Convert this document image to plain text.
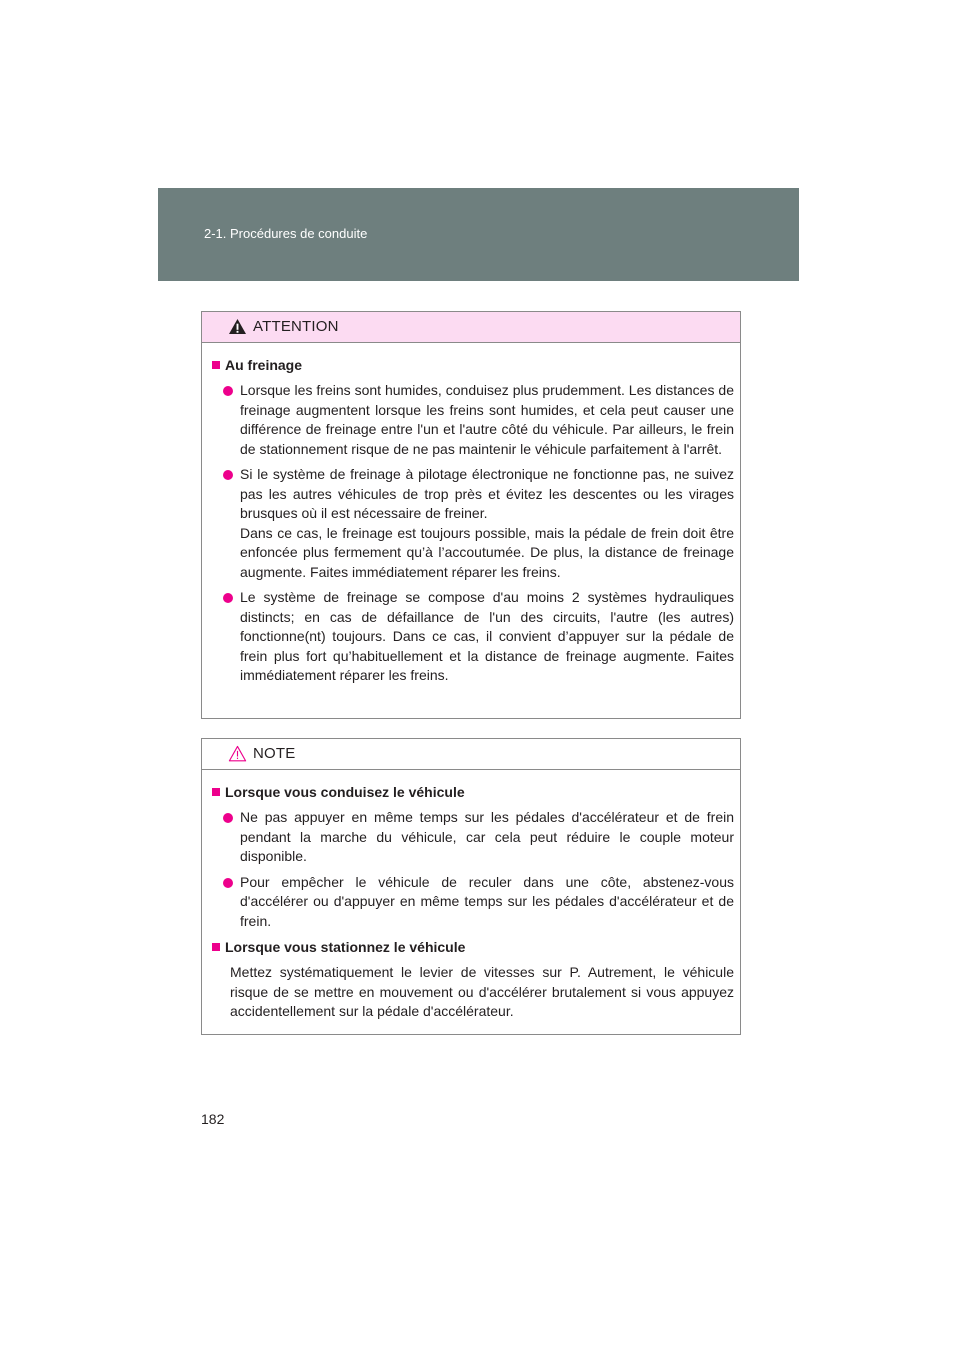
2-1. Procédures de conduite
ATTENTION
Au freinage
Lorsque les freins sont humides, conduisez plus prudemment. Les distances de freinage augmentent lorsque les freins sont humides, et cela peut causer une différence de freinage entre l'un et l'autre côté du véhicule. Par ailleurs, le frein de stationnement risque de ne pas maintenir le véhicule parfaitement à l'arrêt.
Si le système de freinage à pilotage électronique ne fonctionne pas, ne suivez pas les autres véhicules de trop près et évitez les descentes ou les virages brusques où il est nécessaire de freiner.
Dans ce cas, le freinage est toujours possible, mais la pédale de frein doit être enfoncée plus fermement qu’à l’accoutumée. De plus, la distance de freinage augmente. Faites immédiatement réparer les freins.
Le système de freinage se compose d'au moins 2 systèmes hydrauliques distincts; en cas de défaillance de l'un des circuits, l'autre (les autres) fonctionne(nt) toujours. Dans ce cas, il convient d’appuyer sur la pédale de frein plus fort qu’habituellement et la distance de freinage augmente. Faites immédiatement réparer les freins.
NOTE
Lorsque vous conduisez le véhicule
Ne pas appuyer en même temps sur les pédales d'accélérateur et de frein pendant la marche du véhicule, car cela peut réduire le couple moteur disponible.
Pour empêcher le véhicule de reculer dans une côte, abstenez-vous d'accélérer ou d'appuyer en même temps sur les pédales d'accélérateur et de frein.
Lorsque vous stationnez le véhicule
Mettez systématiquement le levier de vitesses sur P. Autrement, le véhicule risque de se mettre en mouvement ou d'accélérer brutalement si vous appuyez accidentellement sur la pédale d'accélérateur.
182
